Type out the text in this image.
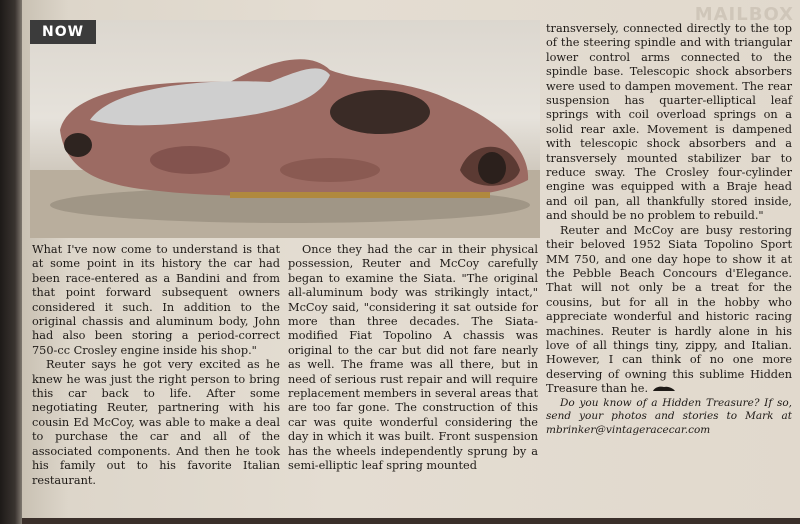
MAILBOX
NOW

What I've now come to understand is that at some point in its history the car had been race-entered as a Bandini and from that point forward subsequent owners considered it such. In addition to the original chassis and aluminum body, John had also been storing a period-correct 750-cc Crosley engine inside his shop."

Reuter says he got very excited as he knew he was just the right person to bring this car back to life. After some negotiating Reuter, partnering with his cousin Ed McCoy, was able to make a deal to purchase the car and all of the associated components. And then he took his family out to his favorite Italian restaurant.

Once they had the car in their physical possession, Reuter and McCoy carefully began to examine the Siata. "The original all-aluminum body was strikingly intact," McCoy said, "considering it sat outside for more than three decades. The Siata-modified Fiat Topolino A chassis was original to the car but did not fare nearly as well. The frame was all there, but in need of serious rust repair and will require replacement members in several areas that are too far gone. The construction of this car was quite wonderful considering the day in which it was built. Front suspension has the wheels independently sprung by a semi-elliptic leaf spring mounted

transversely, connected directly to the top of the steering spindle and with triangular lower control arms connected to the spindle base. Telescopic shock absorbers were used to dampen movement. The rear suspension has quarter-elliptical leaf springs with coil overload springs on a solid rear axle. Movement is dampened with telescopic shock absorbers and a transversely mounted stabilizer bar to reduce sway. The Crosley four-cylinder engine was equipped with a Braje head and oil pan, all thankfully stored inside, and should be no problem to rebuild."

Reuter and McCoy are busy restoring their beloved 1952 Siata Topolino Sport MM 750, and one day hope to show it at the Pebble Beach Concours d'Elegance. That will not only be a treat for the cousins, but for all in the hobby who appreciate wonderful and historic racing machines. Reuter is hardly alone in his love of all things tiny, zippy, and Italian. However, I can think of no one more deserving of owning this sublime Hidden Treasure than he.

Do you know of a Hidden Treasure? If so, send your photos and stories to Mark at mbrinker@vintageracecar.com
